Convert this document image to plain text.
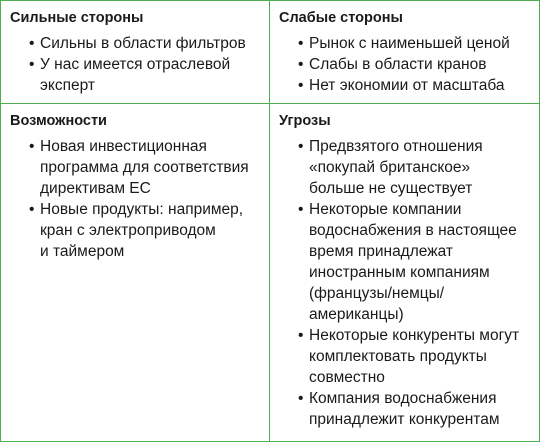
Сильные стороны
• Сильны в области фильтров
• У нас имеется отраслевой
эксперт
Слабые стороны
• Рынок с наименьшей ценой
• Слабы в области кранов
• Нет экономии от масштаба
Возможности
• Новая инвестиционная
программа для соответствия
директивам ЕС
• Новые продукты: например,
кран с электроприводом
и таймером
Угрозы
• Предвзятого отношения
«покупай британское»
больше не существует
• Некоторые компании
водоснабжения в настоящее
время принадлежат
иностранным компаниям
(французы/немцы/
американцы)
• Некоторые конкуренты могут
комплектовать продукты
совместно
• Компания водоснабжения
принадлежит конкурентам
